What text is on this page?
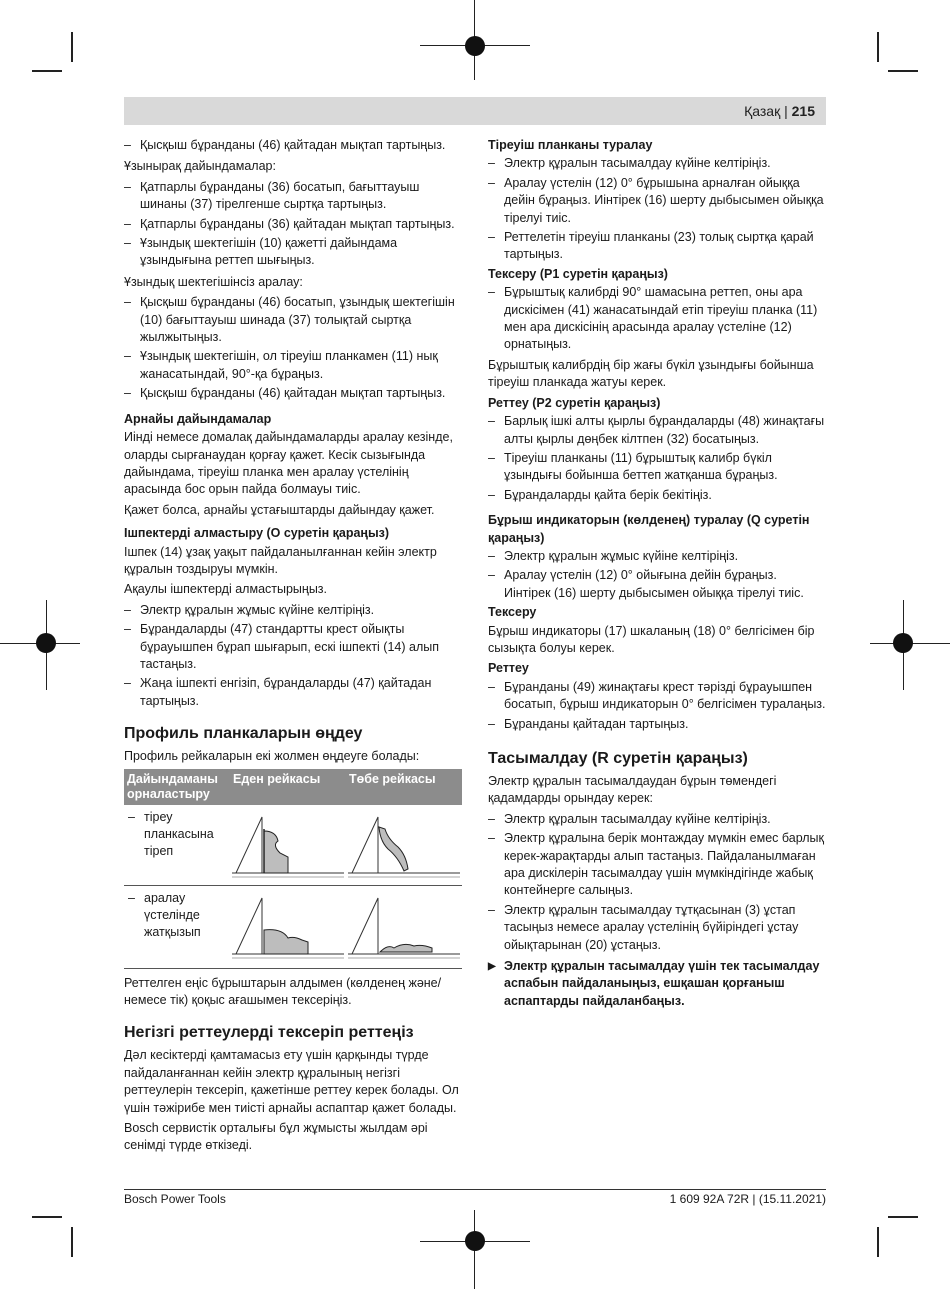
Қазақ | 215
– Қысқыш бұранданы (46) қайтадан мықтап тартыңыз.

Ұзынырақ дайындамалар:

– Қатпарлы бұранданы (36) босатып, бағыттауыш шинаны (37) тірелгенше сыртқа тартыңыз.
– Қатпарлы бұранданы (36) қайтадан мықтап тартыңыз.
– Ұзындық шектегішін (10) қажетті дайындама ұзындығына реттеп шығыңыз.

Ұзындық шектегішінсіз аралау:

– Қысқыш бұранданы (46) босатып, ұзындық шектегішін (10) бағыттауыш шинада (37) толықтай сыртқа жылжытыңыз.
– Ұзындық шектегішін, ол тіреуіш планкамен (11) нық жанасатындай, 90°-қа бұраңыз.
– Қысқыш бұранданы (46) қайтадан мықтап тартыңыз.
Арнайы дайындамалар

Иінді немесе домалақ дайындамаларды аралау кезінде, оларды сырғанаудан қорғау қажет. Кесік сызығында дайындама, тіреуіш планка мен аралау үстелінің арасында бос орын пайда болмауы тиіс.

Қажет болса, арнайы ұстағыштарды дайындау қажет.

Ішпектерді алмастыру (O суретін қараңыз)

Ішпек (14) ұзақ уақыт пайдаланылғаннан кейін электр құралын тоздыруы мүмкін.

Ақаулы ішпектерді алмастырыңыз.

– Электр құралын жұмыс күйіне келтіріңіз.
– Бұрандаларды (47) стандартты крест ойықты бұрауышпен бұрап шығарып, ескі ішпекті (14) алып тастаңыз.
– Жаңа ішпекті енгізіп, бұрандаларды (47) қайтадан тартыңыз.
Профиль планкаларын өңдеу

Профиль рейкаларын екі жолмен өңдеуге болады:

Дайындаманы орналастыру	Еден рейкасы	Төбе рейкасы

– тіреу планкасына тіреп

– аралау үстелінде жатқызып

Реттелген еңіс бұрыштарын алдымен (көлденең және/немесе тік) қоқыс ағашымен тексеріңіз.

Негізгі реттеулерді тексеріп реттеңіз

Дәл кесіктерді қамтамасыз ету үшін қарқынды түрде пайдаланғаннан кейін электр құралының негізгі реттеулерін тексеріп, қажетінше реттеу керек болады. Ол үшін тәжірибе мен тиісті арнайы аспаптар қажет болады.

Bosch сервистік орталығы бұл жұмысты жылдам әрі сенімді түрде өткізеді.

Тіреуіш планканы туралау
– Электр құралын тасымалдау күйіне келтіріңіз.
– Аралау үстелін (12) 0° бұрышына арналған ойыққа дейін бұраңыз. Иінтірек (16) шерту дыбысымен ойыққа тірелуі тиіс.
– Реттелетін тіреуіш планканы (23) толық сыртқа қарай тартыңыз.
Тексеру (P1 суретін қараңыз)
– Бұрыштық калибрді 90° шамасына реттеп, оны ара дискісімен (41) жанасатындай етіп тіреуіш планка (11) мен ара дискісінің арасында аралау үстеліне (12) орнатыңыз.

Бұрыштық калибрдің бір жағы бүкіл ұзындығы бойынша тіреуіш планкада жатуы керек.

Реттеу (P2 суретін қараңыз)
– Барлық ішкі алты қырлы бұрандаларды (48) жинақтағы алты қырлы дөңбек кілтпен (32) босатыңыз.
– Тіреуіш планканы (11) бұрыштық калибр бүкіл ұзындығы бойынша беттеп жатқанша бұраңыз.
– Бұрандаларды қайта берік бекітіңіз.
Бұрыш индикаторын (көлденең) туралау (Q суретін қараңыз)
– Электр құралын жұмыс күйіне келтіріңіз.
– Аралау үстелін (12) 0° ойығына дейін бұраңыз. Иінтірек (16) шерту дыбысымен ойыққа тірелуі тиіс.
Тексеру

Бұрыш индикаторы (17) шкаланың (18) 0° белгісімен бір сызықта болуы керек.

Реттеу
– Бұранданы (49) жинақтағы крест тәрізді бұрауышпен босатып, бұрыш индикаторын 0° белгісімен туралаңыз.
– Бұранданы қайтадан тартыңыз.
Тасымалдау (R суретін қараңыз)

Электр құралын тасымалдаудан бұрын төмендегі қадамдарды орындау керек:

– Электр құралын тасымалдау күйіне келтіріңіз.
– Электр құралына берік монтаждау мүмкін емес барлық керек-жарақтарды алып тастаңыз. Пайдаланылмаған ара дискілерін тасымалдау үшін мүмкіндігінде жабық контейнерге салыңыз.
– Электр құралын тасымалдау тұтқасынан (3) ұстап тасыңыз немесе аралау үстелінің бүйіріндегі ұстау ойықтарынан (20) ұстаңыз.
▶ Электр құралын тасымалдау үшін тек тасымалдау аспабын пайдаланыңыз, ешқашан қорғаныш аспаптарды пайдаланбаңыз.
Bosch Power Tools	1 609 92A 72R | (15.11.2021)
